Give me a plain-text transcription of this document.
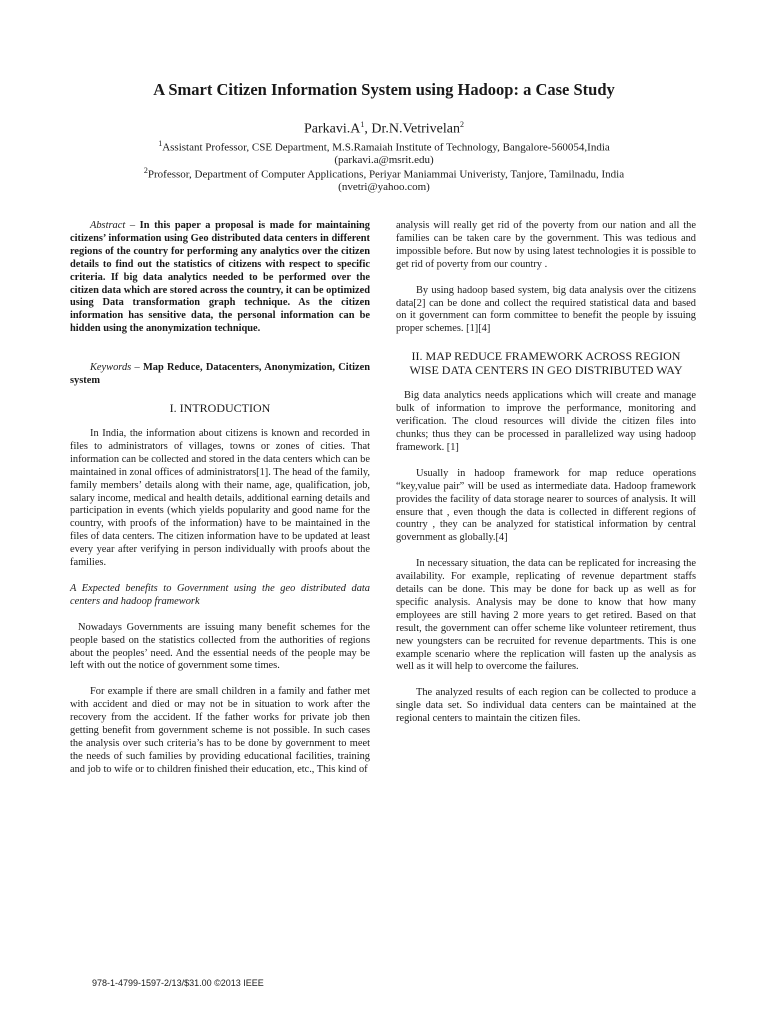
A Smart Citizen Information System using Hadoop: a Case Study
$Parkavi.A^1$, Dr.N.Vetrivelan$^2$
$^1$Assistant Professor, CSE Department, M.S.Ramaiah Institute of Technology, Bangalore-560054,India
(parkavi.a@msrit.edu)
$^2$Professor, Department of Computer Applications, Periyar Maniammai Univeristy, Tanjore, Tamilnadu, India
(nvetri@yahoo.com)

Abstract – In this paper a proposal is made for maintaining citizens’ information using Geo distributed data centers in different regions of the country for performing any analytics over the citizen details to find out the statistics of citizens with respect to specific criteria. If big data analytics needed to be performed over the citizen data which are stored across the country, it can be optimized using Data transformation graph technique. As the citizen information has sensitive data, the personal information can be hidden using the anonymization technique.

Keywords – Map Reduce, Datacenters, Anonymization, Citizen system

I. INTRODUCTION

In India, the information about citizens is known and recorded in files to administrators of villages, towns or zones of cities. That information can be collected and stored in the data centers which can be maintained in zonal offices of administrators[1]. The head of the family, family members’ details along with their name, age, qualification, job, salary income, medical and health details, additional earning details and participation in events (which yields popularity and good name for the country, with proofs of the information) have to be maintained in the files of data centers. The citizen information have to be updated at least every year after verifying in person individually with proofs about the families.

A Expected benefits to Government using the geo distributed data centers and hadoop framework

Nowadays Governments are issuing many benefit schemes for the people based on the statistics collected from the authorities of regions about the peoples’ need. And the essential needs of the people may be left with out the notice of government some times.

For example if there are small children in a family and father met with accident and died or may not be in situation to work after the recovery from the accident. If the father works for private job then getting benefit from government scheme is not possible. In such cases the analysis over such criteria’s has to be done by government to meet the needs of such families by providing educational facilities, training and job to wife or to children finished their education, etc., This kind of

analysis will really get rid of the poverty from our nation and all the families can be taken care by the government. This was tedious and impossible before. But now by using latest technologies it is possible to get rid of poverty from our country .

By using hadoop based system, big data analysis over the citizens data[2] can be done and collect the required statistical data and based on it government can form committee to benefit the people by issuing proper schemes. [1][4]

II. MAP REDUCE FRAMEWORK ACROSS REGION WISE DATA CENTERS IN GEO DISTRIBUTED WAY

Big data analytics needs applications which will create and manage bulk of information to improve the performance, monitoring and verification. The cloud resources will divide the citizen files into chunks; thus they can be processed in parallelized way using hadoop framework. [1]

Usually in hadoop framework for map reduce operations “key,value pair” will be used as intermediate data. Hadoop framework provides the facility of data storage nearer to sources of analysis. It will ensure that , even though the data is collected in different regions of country , they can be analyzed for statistical information by central government as globally.[4]

In necessary situation, the data can be replicated for increasing the availability. For example, replicating of revenue department staffs details can be done. This may be done for back up as well as for specific analysis. Analysis may be done to know that how many employees are still having 2 more years to get retired. Based on that result, the government can offer scheme like volunteer retirement, thus new youngsters can be recruited for revenue departments. This is one example scenario where the replication will fasten up the analysis as well as it will help to overcome the failures.

The analyzed results of each region can be collected to produce a single data set. So individual data centers can be maintained at the regional centers to maintain the citizen files.

978-1-4799-1597-2/13/$31.00 ©2013 IEEE
